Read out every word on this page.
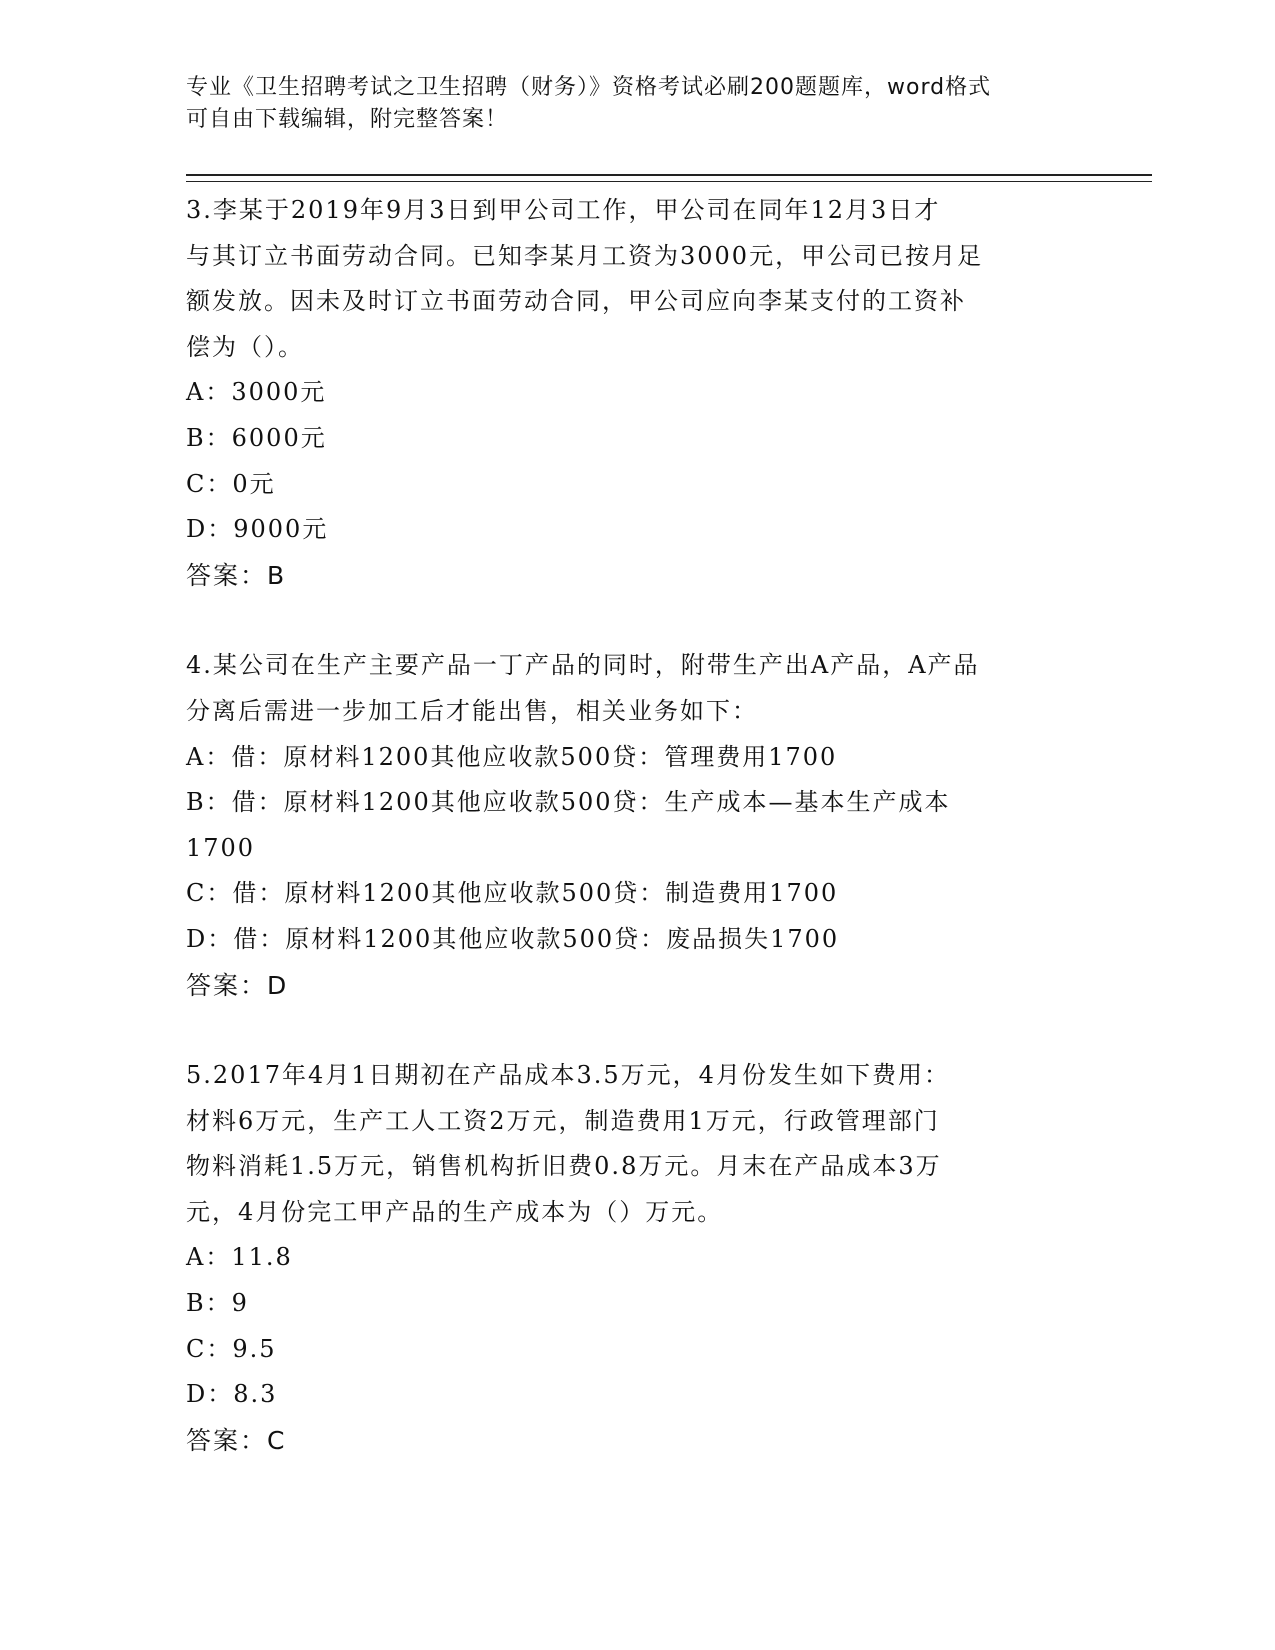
专业《卫生招聘考试之卫生招聘（财务）》资格考试必刷200题题库，word格式
可自由下载编辑，附完整答案！
3.李某于2019年9月3日到甲公司工作，甲公司在同年12月3日才
与其订立书面劳动合同。已知李某月工资为3000元，甲公司已按月足
额发放。因未及时订立书面劳动合同，甲公司应向李某支付的工资补
偿为（）。
A：3000元
B：6000元
C：0元
D：9000元
答案：B
4.某公司在生产主要产品一丁产品的同时，附带生产出A产品，A产品
分离后需进一步加工后才能出售，相关业务如下：
A：借：原材料1200其他应收款500贷：管理费用1700
B：借：原材料1200其他应收款500贷：生产成本—基本生产成本
1700
C：借：原材料1200其他应收款500贷：制造费用1700
D：借：原材料1200其他应收款500贷：废品损失1700
答案：D
5.2017年4月1日期初在产品成本3.5万元，4月份发生如下费用：
材料6万元，生产工人工资2万元，制造费用1万元，行政管理部门
物料消耗1.5万元，销售机构折旧费0.8万元。月末在产品成本3万
元，4月份完工甲产品的生产成本为（）万元。
A：11.8
B：9
C：9.5
D：8.3
答案：C
